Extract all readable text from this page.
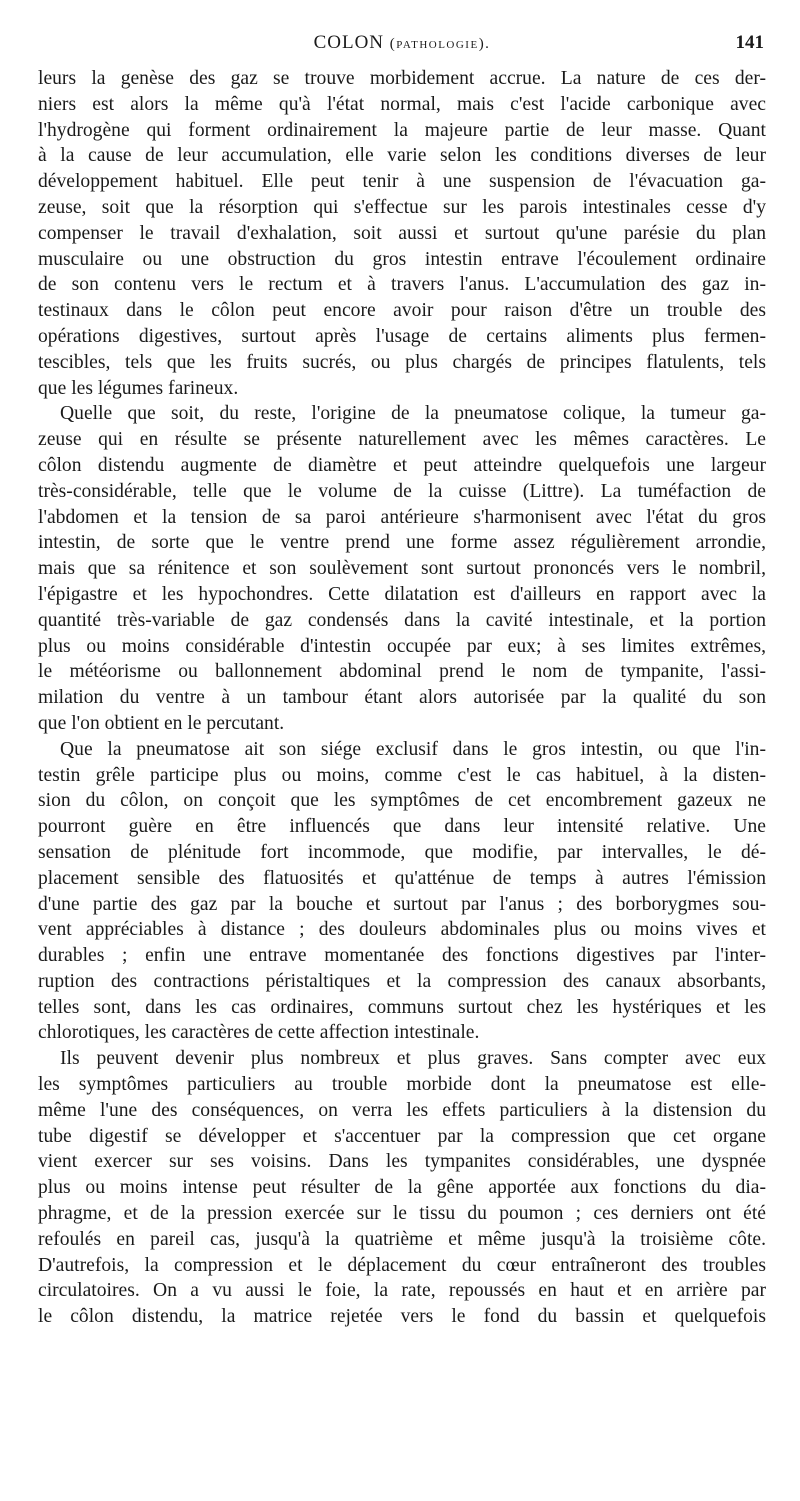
COLON (pathologie).	141
leurs la genèse des gaz se trouve morbidement accrue. La nature de ces der-
niers est alors la même qu'à l'état normal, mais c'est l'acide carbonique avec
l'hydrogène qui forment ordinairement la majeure partie de leur masse. Quant
à la cause de leur accumulation, elle varie selon les conditions diverses de leur
développement habituel. Elle peut tenir à une suspension de l'évacuation ga-
zeuse, soit que la résorption qui s'effectue sur les parois intestinales cesse d'y
compenser le travail d'exhalation, soit aussi et surtout qu'une parésie du plan
musculaire ou une obstruction du gros intestin entrave l'écoulement ordinaire
de son contenu vers le rectum et à travers l'anus. L'accumulation des gaz in-
testinaux dans le côlon peut encore avoir pour raison d'être un trouble des
opérations digestives, surtout après l'usage de certains aliments plus fermen-
tescibles, tels que les fruits sucrés, ou plus chargés de principes flatulents, tels
que les légumes farineux.
Quelle que soit, du reste, l'origine de la pneumatose colique, la tumeur ga-
zeuse qui en résulte se présente naturellement avec les mêmes caractères. Le
côlon distendu augmente de diamètre et peut atteindre quelquefois une largeur
très-considérable, telle que le volume de la cuisse (Littre). La tuméfaction de
l'abdomen et la tension de sa paroi antérieure s'harmonisent avec l'état du gros
intestin, de sorte que le ventre prend une forme assez régulièrement arrondie,
mais que sa rénitence et son soulèvement sont surtout prononcés vers le nombril,
l'épigastre et les hypochondres. Cette dilatation est d'ailleurs en rapport avec la
quantité très-variable de gaz condensés dans la cavité intestinale, et la portion
plus ou moins considérable d'intestin occupée par eux; à ses limites extrêmes,
le météorisme ou ballonnement abdominal prend le nom de tympanite, l'assi-
milation du ventre à un tambour étant alors autorisée par la qualité du son
que l'on obtient en le percutant.
Que la pneumatose ait son siége exclusif dans le gros intestin, ou que l'in-
testin grêle participe plus ou moins, comme c'est le cas habituel, à la disten-
sion du côlon, on conçoit que les symptômes de cet encombrement gazeux ne
pourront guère en être influencés que dans leur intensité relative. Une
sensation de plénitude fort incommode, que modifie, par intervalles, le dé-
placement sensible des flatuosités et qu'atténue de temps à autres l'émission
d'une partie des gaz par la bouche et surtout par l'anus ; des borborygmes sou-
vent appréciables à distance ; des douleurs abdominales plus ou moins vives et
durables ; enfin une entrave momentanée des fonctions digestives par l'inter-
ruption des contractions péristaltiques et la compression des canaux absorbants,
telles sont, dans les cas ordinaires, communs surtout chez les hystériques et les
chlorotiques, les caractères de cette affection intestinale.
Ils peuvent devenir plus nombreux et plus graves. Sans compter avec eux
les symptômes particuliers au trouble morbide dont la pneumatose est elle-
même l'une des conséquences, on verra les effets particuliers à la distension du
tube digestif se développer et s'accentuer par la compression que cet organe
vient exercer sur ses voisins. Dans les tympanites considérables, une dyspnée
plus ou moins intense peut résulter de la gêne apportée aux fonctions du dia-
phragme, et de la pression exercée sur le tissu du poumon ; ces derniers ont été
refoulés en pareil cas, jusqu'à la quatrième et même jusqu'à la troisième côte.
D'autrefois, la compression et le déplacement du cœur entraîneront des troubles
circulatoires. On a vu aussi le foie, la rate, repoussés en haut et en arrière par
le côlon distendu, la matrice rejetée vers le fond du bassin et quelquefois
